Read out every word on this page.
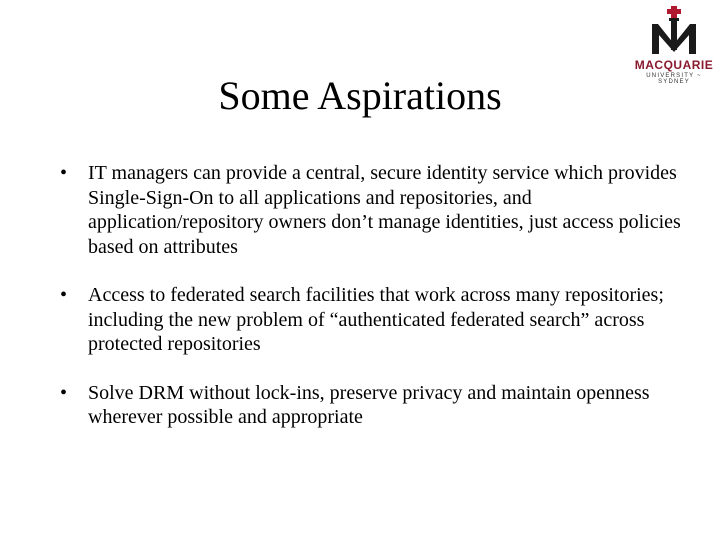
MACQUARIE
UNIVERSITY ~ SYDNEY
Some Aspirations
• IT managers can provide a central, secure identity service which provides Single-Sign-On to all applications and repositories, and application/repository owners don’t manage identities, just access policies based on attributes
• Access to federated search facilities that work across many repositories; including the new problem of “authenticated federated search” across protected repositories
• Solve DRM without lock-ins, preserve privacy and maintain openness wherever possible and appropriate
